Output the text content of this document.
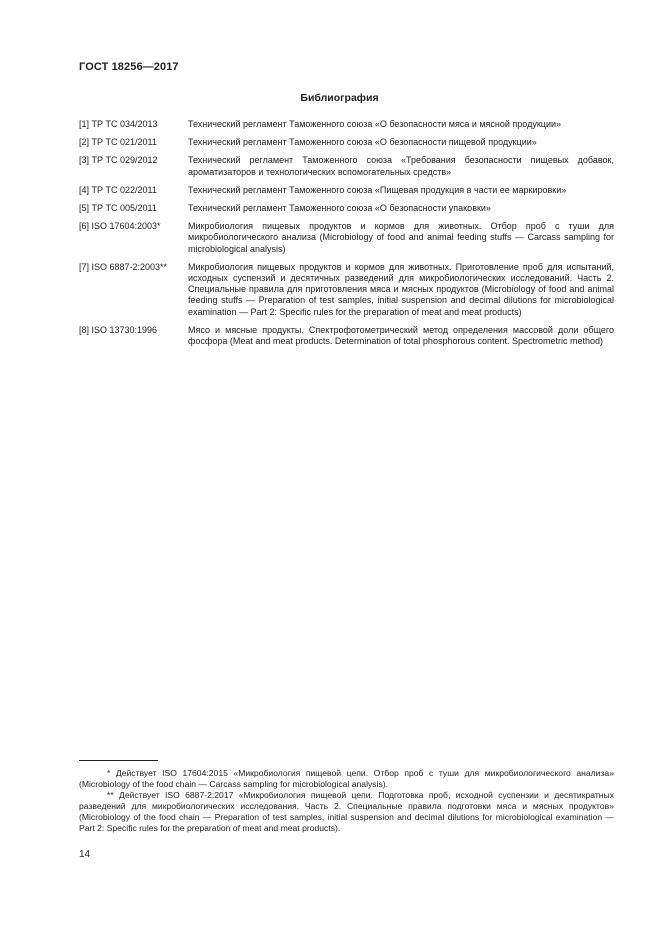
ГОСТ 18256—2017
Библиография
[1] ТР ТС 034/2013	Технический регламент Таможенного союза «О безопасности мяса и мясной продукции»
[2] ТР ТС 021/2011	Технический регламент Таможенного союза «О безопасности пищевой продукции»
[3] ТР ТС 029/2012	Технический регламент Таможенного союза «Требования безопасности пищевых добавок, ароматизаторов и технологических вспомогательных средств»
[4] ТР ТС 022/2011	Технический регламент Таможенного союза «Пищевая продукция в части ее маркировки»
[5] ТР ТС 005/2011	Технический регламент Таможенного союза «О безопасности упаковки»
[6] ISO 17604:2003*	Микробиология пищевых продуктов и кормов для животных. Отбор проб с туши для микробиологического анализа (Microbiology of food and animal feeding stuffs — Carcass sampling for microbiological analysis)
[7] ISO 6887-2:2003**	Микробиология пищевых продуктов и кормов для животных. Приготовление проб для испытаний, исходных суспензий и десятичных разведений для микробиологических исследований. Часть 2. Специальные правила для приготовления мяса и мясных продуктов (Microbiology of food and animal feeding stuffs — Preparation of test samples, initial suspension and decimal dilutions for microbiological examination — Part 2: Specific rules for the preparation of meat and meat products)
[8] ISO 13730:1996	Мясо и мясные продукты. Спектрофотометрический метод определения массовой доли общего фосфора (Meat and meat products. Determination of total phosphorous content. Spectrometric method)

* Действует ISO 17604:2015 «Микробиология пищевой цепи. Отбор проб с туши для микробиологического анализа» (Microbiology of the food chain — Carcass sampling for microbiological analysis).

** Действует ISO 6887-2:2017 «Микробиология пищевой цепи. Подготовка проб, исходной суспензии и десятикратных разведений для микробиологических исследования. Часть 2. Специальные правила подготовки мяса и мясных продуктов» (Microbiology of the food chain — Preparation of test samples, initial suspension and decimal dilutions for microbiological examination — Part 2: Specific rules for the preparation of meat and meat products).

14
